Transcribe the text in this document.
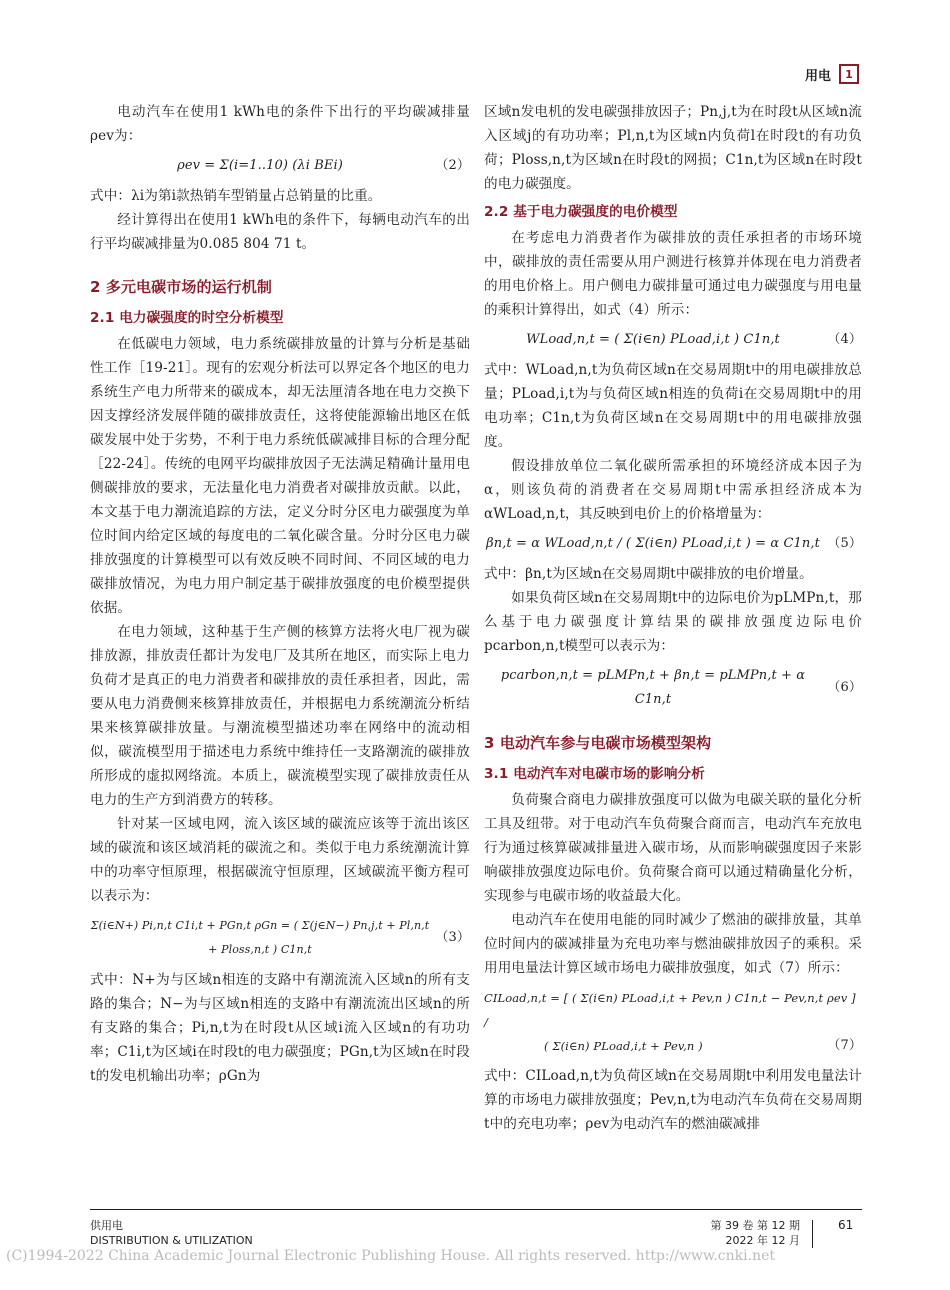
用电	1

电动汽车在使用1 kWh电的条件下出行的平均碳减排量ρev为：

ρev = Σ(i=1..10) (λi BEi)	（2）

式中：λi为第i款热销车型销量占总销量的比重。

经计算得出在使用1 kWh电的条件下，每辆电动汽车的出行平均碳减排量为0.085 804 71 t。

2 多元电碳市场的运行机制
2.1 电力碳强度的时空分析模型

在低碳电力领域，电力系统碳排放量的计算与分析是基础性工作［19-21］。现有的宏观分析法可以界定各个地区的电力系统生产电力所带来的碳成本，却无法厘清各地在电力交换下因支撑经济发展伴随的碳排放责任，这将使能源输出地区在低碳发展中处于劣势，不利于电力系统低碳减排目标的合理分配［22-24］。传统的电网平均碳排放因子无法满足精确计量用电侧碳排放的要求，无法量化电力消费者对碳排放贡献。以此，本文基于电力潮流追踪的方法，定义分时分区电力碳强度为单位时间内给定区域的每度电的二氧化碳含量。分时分区电力碳排放强度的计算模型可以有效反映不同时间、不同区域的电力碳排放情况，为电力用户制定基于碳排放强度的电价模型提供依据。

在电力领域，这种基于生产侧的核算方法将火电厂视为碳排放源，排放责任都计为发电厂及其所在地区，而实际上电力负荷才是真正的电力消费者和碳排放的责任承担者，因此，需要从电力消费侧来核算排放责任，并根据电力系统潮流分析结果来核算碳排放量。与潮流模型描述功率在网络中的流动相似，碳流模型用于描述电力系统中维持任一支路潮流的碳排放所形成的虚拟网络流。本质上，碳流模型实现了碳排放责任从电力的生产方到消费方的转移。

针对某一区域电网，流入该区域的碳流应该等于流出该区域的碳流和该区域消耗的碳流之和。类似于电力系统潮流计算中的功率守恒原理，根据碳流守恒原理，区域碳流平衡方程可以表示为：

Σ(i∈N+) Pi,n,t C1i,t + PGn,t ρGn = ( Σ(j∈N−) Pn,j,t + Pl,n,t + Ploss,n,t ) C1n,t
（3）

式中：N+为与区域n相连的支路中有潮流流入区域n的所有支路的集合；N−为与区域n相连的支路中有潮流流出区域n的所有支路的集合；Pi,n,t为在时段t从区域i流入区域n的有功功率；C1i,t为区域i在时段t的电力碳强度；PGn,t为区域n在时段t的发电机输出功率；ρGn为

区域n发电机的发电碳强排放因子；Pn,j,t为在时段t从区域n流入区域j的有功功率；Pl,n,t为区域n内负荷l在时段t的有功负荷；Ploss,n,t为区域n在时段t的网损；C1n,t为区域n在时段t的电力碳强度。

2.2 基于电力碳强度的电价模型

在考虑电力消费者作为碳排放的责任承担者的市场环境中，碳排放的责任需要从用户测进行核算并体现在电力消费者的用电价格上。用户侧电力碳排量可通过电力碳强度与用电量的乘积计算得出，如式（4）所示：

WLoad,n,t = ( Σ(i∈n) PLoad,i,t ) C1n,t	（4）

式中：WLoad,n,t为负荷区域n在交易周期t中的用电碳排放总量；PLoad,i,t为与负荷区域n相连的负荷i在交易周期t中的用电功率；C1n,t为负荷区域n在交易周期t中的用电碳排放强度。

假设排放单位二氧化碳所需承担的环境经济成本因子为α，则该负荷的消费者在交易周期t中需承担经济成本为αWLoad,n,t，其反映到电价上的价格增量为：

βn,t = α WLoad,n,t / ( Σ(i∈n) PLoad,i,t ) = α C1n,t （5）

式中：βn,t为区域n在交易周期t中碳排放的电价增量。

如果负荷区域n在交易周期t中的边际电价为pLMPn,t，那么基于电力碳强度计算结果的碳排放强度边际电价pcarbon,n,t模型可以表示为：

pcarbon,n,t = pLMPn,t + βn,t = pLMPn,t + α C1n,t
（6）
3 电动汽车参与电碳市场模型架构
3.1 电动汽车对电碳市场的影响分析

负荷聚合商电力碳排放强度可以做为电碳关联的量化分析工具及纽带。对于电动汽车负荷聚合商而言，电动汽车充放电行为通过核算碳减排量进入碳市场，从而影响碳强度因子来影响碳排放强度边际电价。负荷聚合商可以通过精确量化分析，实现参与电碳市场的收益最大化。

电动汽车在使用电能的同时减少了燃油的碳排放量，其单位时间内的碳减排量为充电功率与燃油碳排放因子的乘积。采用用电量法计算区域市场电力碳排放强度，如式（7）所示：

CILoad,n,t = [ ( Σ(i∈n) PLoad,i,t + Pev,n ) C1n,t − Pev,n,t ρev ] /
( Σ(i∈n) PLoad,i,t + Pev,n )	（7）

式中：CILoad,n,t为负荷区域n在交易周期t中利用发电量法计算的市场电力碳排放强度；Pev,n,t为电动汽车负荷在交易周期t中的充电功率；ρev为电动汽车的燃油碳减排

供用电
DISTRIBUTION & UTILIZATION
第 39 卷 第 12 期
2022 年 12 月
61
(C)1994-2022 China Academic Journal Electronic Publishing House. All rights reserved. http://www.cnki.net
